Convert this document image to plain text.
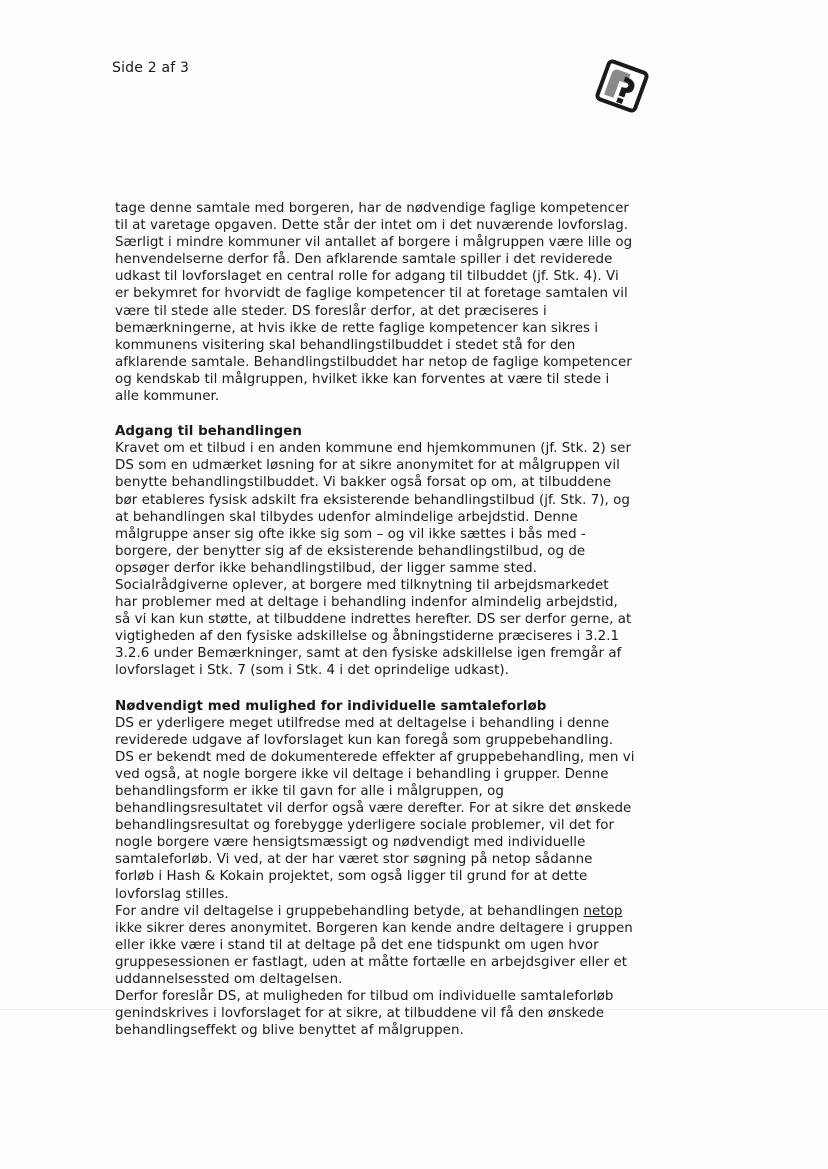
Side 2 af 3

tage denne samtale med borgeren, har de nødvendige faglige kompetencer til at varetage opgaven. Dette står der intet om i det nuværende lovforslag. Særligt i mindre kommuner vil antallet af borgere i målgruppen være lille og henvendelserne derfor få. Den afklarende samtale spiller i det reviderede udkast til lovforslaget en central rolle for adgang til tilbuddet (jf. Stk. 4). Vi er bekymret for hvorvidt de faglige kompetencer til at foretage samtalen vil være til stede alle steder. DS foreslår derfor, at det præciseres i bemærkningerne, at hvis ikke de rette faglige kompetencer kan sikres i kommunens visitering skal behandlingstilbuddet i stedet stå for den afklarende samtale. Behandlingstilbuddet har netop de faglige kompetencer og kendskab til målgruppen, hvilket ikke kan forventes at være til stede i alle kommuner.

Adgang til behandlingen

Kravet om et tilbud i en anden kommune end hjemkommunen (jf. Stk. 2) ser DS som en udmærket løsning for at sikre anonymitet for at målgruppen vil benytte behandlingstilbuddet. Vi bakker også forsat op om, at tilbuddene bør etableres fysisk adskilt fra eksisterende behandlingstilbud (jf. Stk. 7), og at behandlingen skal tilbydes udenfor almindelige arbejdstid. Denne målgruppe anser sig ofte ikke sig som – og vil ikke sættes i bås med - borgere, der benytter sig af de eksisterende behandlingstilbud, og de opsøger derfor ikke behandlingstilbud, der ligger samme sted. Socialrådgiverne oplever, at borgere med tilknytning til arbejdsmarkedet har problemer med at deltage i behandling indenfor almindelig arbejdstid, så vi kan kun støtte, at tilbuddene indrettes herefter. DS ser derfor gerne, at vigtigheden af den fysiske adskillelse og åbningstiderne præciseres i 3.2.1 3.2.6 under Bemærkninger, samt at den fysiske adskillelse igen fremgår af lovforslaget i Stk. 7 (som i Stk. 4 i det oprindelige udkast).

Nødvendigt med mulighed for individuelle samtaleforløb

DS er yderligere meget utilfredse med at deltagelse i behandling i denne reviderede udgave af lovforslaget kun kan foregå som gruppebehandling. DS er bekendt med de dokumenterede effekter af gruppebehandling, men vi ved også, at nogle borgere ikke vil deltage i behandling i grupper. Denne behandlingsform er ikke til gavn for alle i målgruppen, og behandlingsresultatet vil derfor også være derefter. For at sikre det ønskede behandlingsresultat og forebygge yderligere sociale problemer, vil det for nogle borgere være hensigtsmæssigt og nødvendigt med individuelle samtaleforløb. Vi ved, at der har været stor søgning på netop sådanne forløb i Hash & Kokain projektet, som også ligger til grund for at dette lovforslag stilles.

For andre vil deltagelse i gruppebehandling betyde, at behandlingen netop ikke sikrer deres anonymitet. Borgeren kan kende andre deltagere i gruppen eller ikke være i stand til at deltage på det ene tidspunkt om ugen hvor gruppesessionen er fastlagt, uden at måtte fortælle en arbejdsgiver eller et uddannelsessted om deltagelsen.

Derfor foreslår DS, at muligheden for tilbud om individuelle samtaleforløb genindskrives i lovforslaget for at sikre, at tilbuddene vil få den ønskede behandlingseffekt og blive benyttet af målgruppen.
